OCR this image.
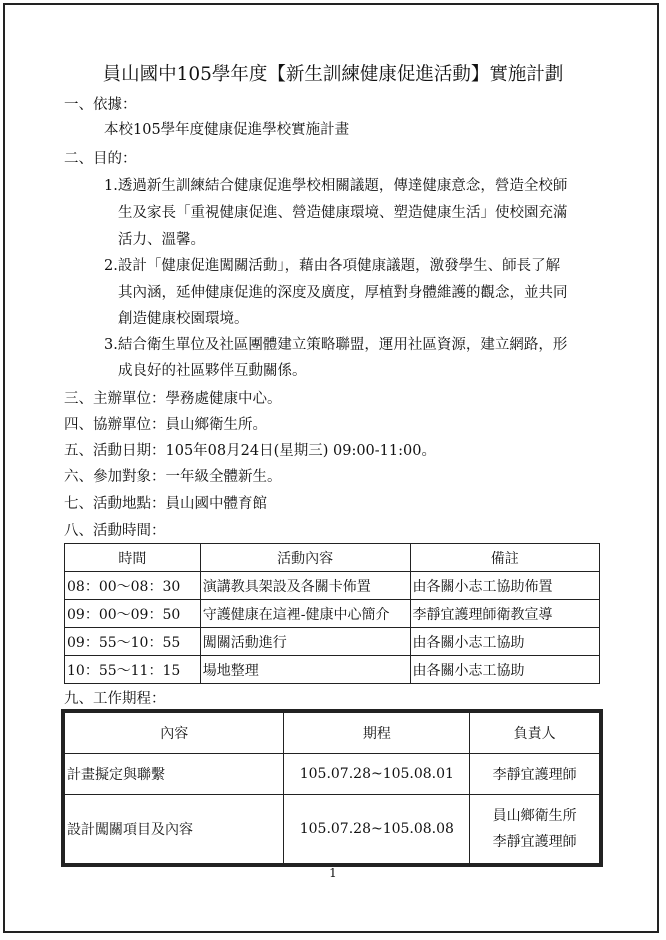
員山國中105學年度【新生訓練健康促進活動】實施計劃
一、依據：
本校105學年度健康促進學校實施計畫
二、目的：
1.透過新生訓練結合健康促進學校相關議題，傳達健康意念，營造全校師
生及家長「重視健康促進、營造健康環境、塑造健康生活」使校園充滿
活力、溫馨。
2.設計「健康促進闖關活動」，藉由各項健康議題，激發學生、師長了解
其內涵，延伸健康促進的深度及廣度，厚植對身體維護的觀念，並共同
創造健康校園環境。
3.結合衛生單位及社區團體建立策略聯盟，運用社區資源，建立網路，形
成良好的社區夥伴互動關係。
三、主辦單位：學務處健康中心。
四、協辦單位：員山鄉衛生所。
五、活動日期：105年08月24日(星期三) 09:00-11:00。
六、參加對象：一年級全體新生。
七、活動地點：員山國中體育館
八、活動時間：
時間	活動內容	備註
08：00～08：30	演講教具架設及各關卡佈置	由各關小志工協助佈置
09：00～09：50	守護健康在這裡-健康中心簡介	李靜宜護理師衛教宣導
09：55～10：55	闖關活動進行	由各關小志工協助
10：55～11：15	場地整理	由各關小志工協助
九、工作期程：
內容	期程	負責人
計畫擬定與聯繫	105.07.28~105.08.01	李靜宜護理師
設計闖關項目及內容	105.07.28~105.08.08	員山鄉衛生所
李靜宜護理師
1
